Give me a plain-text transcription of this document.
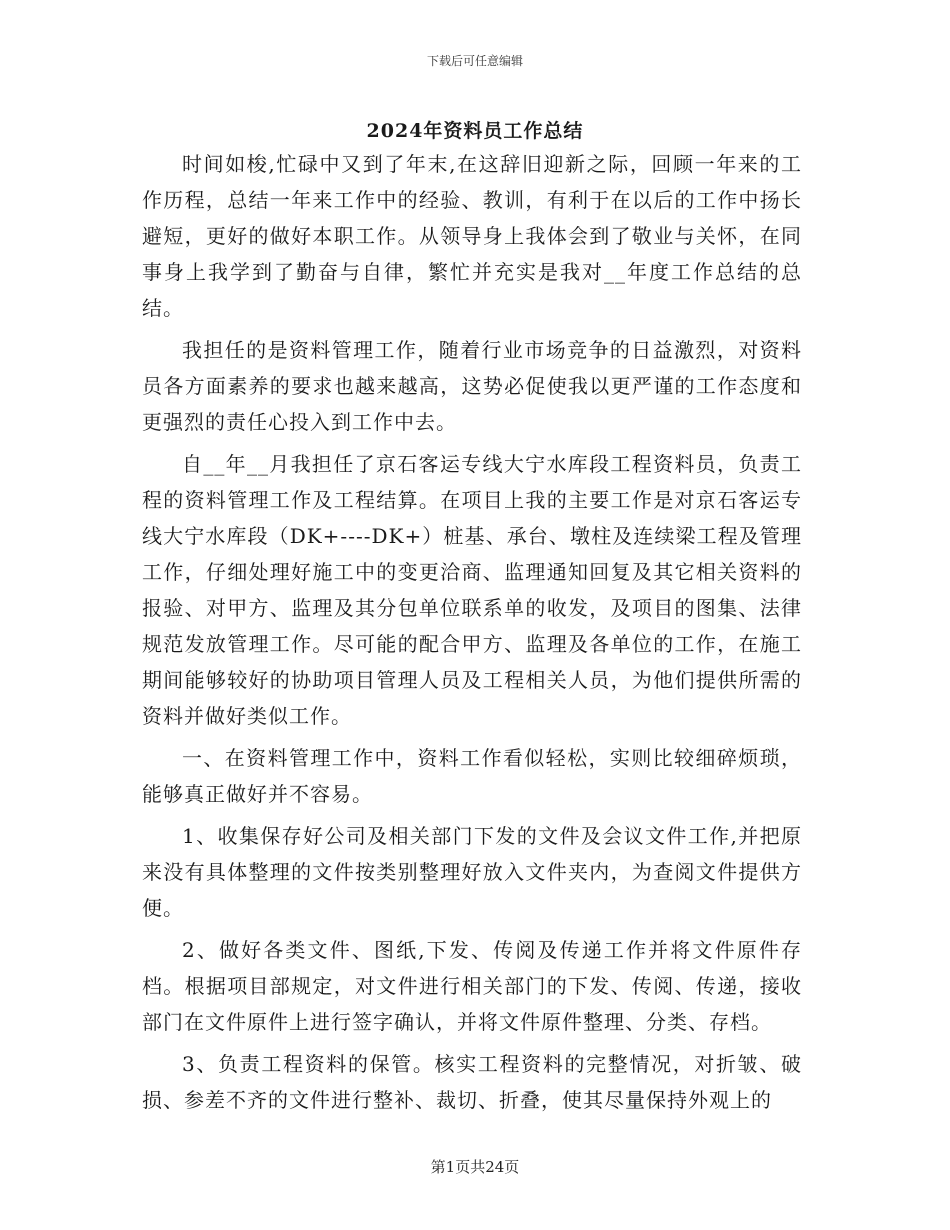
下载后可任意编辑
2024年资料员工作总结

时间如梭,忙碌中又到了年末,在这辞旧迎新之际，回顾一年来的工作历程，总结一年来工作中的经验、教训，有利于在以后的工作中扬长避短，更好的做好本职工作。从领导身上我体会到了敬业与关怀，在同事身上我学到了勤奋与自律，繁忙并充实是我对__年度工作总结的总结。

我担任的是资料管理工作，随着行业市场竞争的日益激烈，对资料员各方面素养的要求也越来越高，这势必促使我以更严谨的工作态度和更强烈的责任心投入到工作中去。

自__年__月我担任了京石客运专线大宁水库段工程资料员，负责工程的资料管理工作及工程结算。在项目上我的主要工作是对京石客运专线大宁水库段（DK+----DK+）桩基、承台、墩柱及连续梁工程及管理工作，仔细处理好施工中的变更洽商、监理通知回复及其它相关资料的报验、对甲方、监理及其分包单位联系单的收发，及项目的图集、法律规范发放管理工作。尽可能的配合甲方、监理及各单位的工作，在施工期间能够较好的协助项目管理人员及工程相关人员，为他们提供所需的资料并做好类似工作。

一、在资料管理工作中，资料工作看似轻松，实则比较细碎烦琐，能够真正做好并不容易。

1、收集保存好公司及相关部门下发的文件及会议文件工作,并把原来没有具体整理的文件按类别整理好放入文件夹内，为查阅文件提供方便。

2、做好各类文件、图纸,下发、传阅及传递工作并将文件原件存档。根据项目部规定，对文件进行相关部门的下发、传阅、传递，接收部门在文件原件上进行签字确认，并将文件原件整理、分类、存档。

3、负责工程资料的保管。核实工程资料的完整情况，对折皱、破损、参差不齐的文件进行整补、裁切、折叠，使其尽量保持外观上的

第1页共24页
